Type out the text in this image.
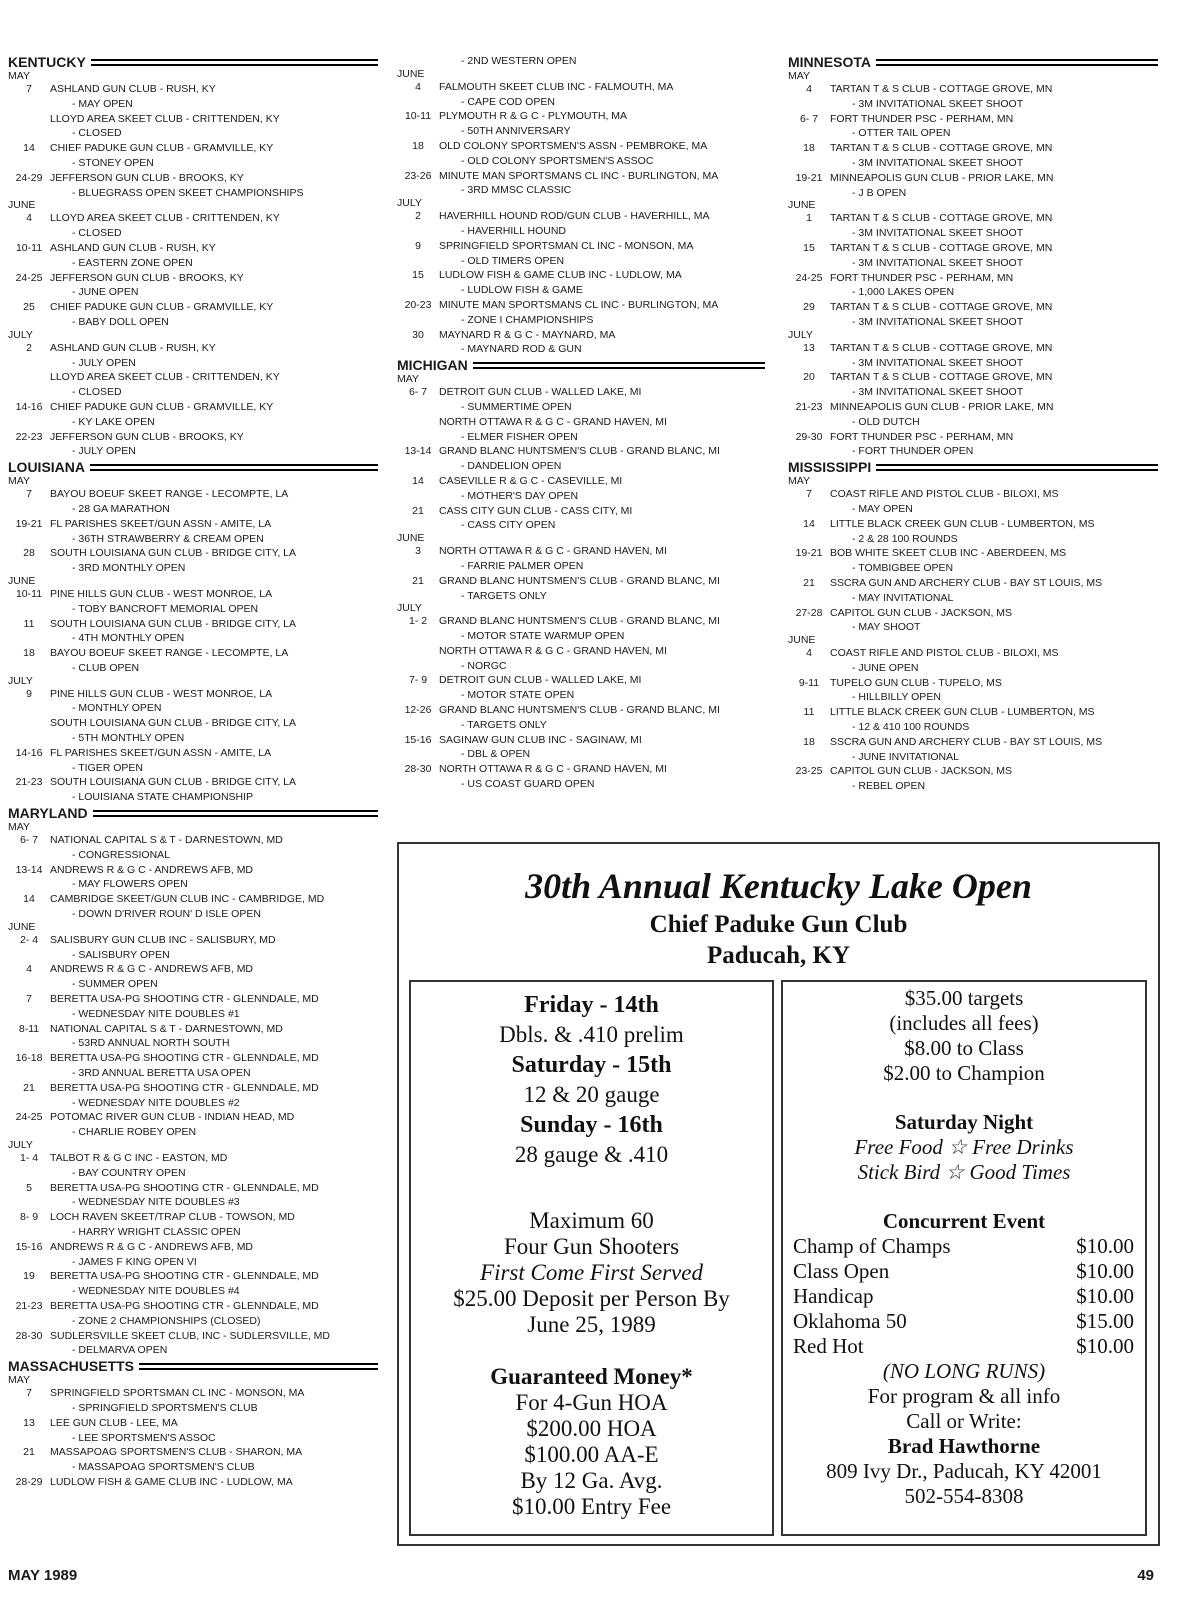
KENTUCKY
MAY
7	ASHLAND GUN CLUB - RUSH, KY
- MAY OPEN
LLOYD AREA SKEET CLUB - CRITTENDEN, KY
- CLOSED
14	CHIEF PADUKE GUN CLUB - GRAMVILLE, KY
- STONEY OPEN
24-29 JEFFERSON GUN CLUB - BROOKS, KY
- BLUEGRASS OPEN SKEET CHAMPIONSHIPS
JUNE
4	LLOYD AREA SKEET CLUB - CRITTENDEN, KY
- CLOSED
10-11 ASHLAND GUN CLUB - RUSH, KY
- EASTERN ZONE OPEN
24-25 JEFFERSON GUN CLUB - BROOKS, KY
- JUNE OPEN
25	CHIEF PADUKE GUN CLUB - GRAMVILLE, KY
- BABY DOLL OPEN
JULY
2	ASHLAND GUN CLUB - RUSH, KY
- JULY OPEN
LLOYD AREA SKEET CLUB - CRITTENDEN, KY
- CLOSED
14-16 CHIEF PADUKE GUN CLUB - GRAMVILLE, KY
- KY LAKE OPEN
22-23 JEFFERSON GUN CLUB - BROOKS, KY
- JULY OPEN
LOUISIANA
MAY
7	BAYOU BOEUF SKEET RANGE - LECOMPTE, LA
- 28 GA MARATHON
19-21 FL PARISHES SKEET/GUN ASSN - AMITE, LA
- 36TH STRAWBERRY & CREAM OPEN
28	SOUTH LOUISIANA GUN CLUB - BRIDGE CITY, LA
- 3RD MONTHLY OPEN
JUNE
10-11 PINE HILLS GUN CLUB - WEST MONROE, LA
- TOBY BANCROFT MEMORIAL OPEN
11	SOUTH LOUISIANA GUN CLUB - BRIDGE CITY, LA
- 4TH MONTHLY OPEN
18	BAYOU BOEUF SKEET RANGE - LECOMPTE, LA
- CLUB OPEN
JULY
9	PINE HILLS GUN CLUB - WEST MONROE, LA
- MONTHLY OPEN
SOUTH LOUISIANA GUN CLUB - BRIDGE CITY, LA
- 5TH MONTHLY OPEN
14-16 FL PARISHES SKEET/GUN ASSN - AMITE, LA
- TIGER OPEN
21-23 SOUTH LOUISIANA GUN CLUB - BRIDGE CITY, LA
- LOUISIANA STATE CHAMPIONSHIP
MARYLAND
MAY
6- 7	NATIONAL CAPITAL S & T - DARNESTOWN, MD
- CONGRESSIONAL
13-14 ANDREWS R & G C - ANDREWS AFB, MD
- MAY FLOWERS OPEN
14	CAMBRIDGE SKEET/GUN CLUB INC - CAMBRIDGE, MD
- DOWN D'RIVER ROUN' D ISLE OPEN
JUNE
2- 4	SALISBURY GUN CLUB INC - SALISBURY, MD
- SALISBURY OPEN
4	ANDREWS R & G C - ANDREWS AFB, MD
- SUMMER OPEN
7	BERETTA USA-PG SHOOTING CTR - GLENNDALE, MD
- WEDNESDAY NITE DOUBLES #1
8-11	NATIONAL CAPITAL S & T - DARNESTOWN, MD
- 53RD ANNUAL NORTH SOUTH
16-18 BERETTA USA-PG SHOOTING CTR - GLENNDALE, MD
- 3RD ANNUAL BERETTA USA OPEN
21	BERETTA USA-PG SHOOTING CTR - GLENNDALE, MD
- WEDNESDAY NITE DOUBLES #2
24-25 POTOMAC RIVER GUN CLUB - INDIAN HEAD, MD
- CHARLIE ROBEY OPEN
JULY
1- 4	TALBOT R & G C INC - EASTON, MD
- BAY COUNTRY OPEN
5	BERETTA USA-PG SHOOTING CTR - GLENNDALE, MD
- WEDNESDAY NITE DOUBLES #3
8- 9	LOCH RAVEN SKEET/TRAP CLUB - TOWSON, MD
- HARRY WRIGHT CLASSIC OPEN
15-16 ANDREWS R & G C - ANDREWS AFB, MD
- JAMES F KING OPEN VI
19	BERETTA USA-PG SHOOTING CTR - GLENNDALE, MD
- WEDNESDAY NITE DOUBLES #4
21-23 BERETTA USA-PG SHOOTING CTR - GLENNDALE, MD
- ZONE 2 CHAMPIONSHIPS (CLOSED)
28-30 SUDLERSVILLE SKEET CLUB, INC - SUDLERSVILLE, MD
- DELMARVA OPEN
MASSACHUSETTS
MAY
7	SPRINGFIELD SPORTSMAN CL INC - MONSON, MA
- SPRINGFIELD SPORTSMEN'S CLUB
13	LEE GUN CLUB - LEE, MA
- LEE SPORTSMEN'S ASSOC
21	MASSAPOAG SPORTSMEN'S CLUB - SHARON, MA
- MASSAPOAG SPORTSMEN'S CLUB
28-29 LUDLOW FISH & GAME CLUB INC - LUDLOW, MA
- 2ND WESTERN OPEN
JUNE
4	FALMOUTH SKEET CLUB INC - FALMOUTH, MA
- CAPE COD OPEN
10-11 PLYMOUTH R & G C - PLYMOUTH, MA
- 50TH ANNIVERSARY
18	OLD COLONY SPORTSMEN'S ASSN - PEMBROKE, MA
- OLD COLONY SPORTSMEN'S ASSOC
23-26 MINUTE MAN SPORTSMANS CL INC - BURLINGTON, MA
- 3RD MMSC CLASSIC
JULY
2	HAVERHILL HOUND ROD/GUN CLUB - HAVERHILL, MA
- HAVERHILL HOUND
9	SPRINGFIELD SPORTSMAN CL INC - MONSON, MA
- OLD TIMERS OPEN
15	LUDLOW FISH & GAME CLUB INC - LUDLOW, MA
- LUDLOW FISH & GAME
20-23 MINUTE MAN SPORTSMANS CL INC - BURLINGTON, MA
- ZONE I CHAMPIONSHIPS
30	MAYNARD R & G C - MAYNARD, MA
- MAYNARD ROD & GUN
MICHIGAN
MAY
6- 7	DETROIT GUN CLUB - WALLED LAKE, MI
- SUMMERTIME OPEN
NORTH OTTAWA R & G C - GRAND HAVEN, MI
- ELMER FISHER OPEN
13-14 GRAND BLANC HUNTSMEN'S CLUB - GRAND BLANC, MI
- DANDELION OPEN
14	CASEVILLE R & G C - CASEVILLE, MI
- MOTHER'S DAY OPEN
21	CASS CITY GUN CLUB - CASS CITY, MI
- CASS CITY OPEN
JUNE
3	NORTH OTTAWA R & G C - GRAND HAVEN, MI
- FARRIE PALMER OPEN
21	GRAND BLANC HUNTSMEN'S CLUB - GRAND BLANC, MI
- TARGETS ONLY
JULY
1- 2	GRAND BLANC HUNTSMEN'S CLUB - GRAND BLANC, MI
- MOTOR STATE WARMUP OPEN
NORTH OTTAWA R & G C - GRAND HAVEN, MI
- NORGC
7- 9	DETROIT GUN CLUB - WALLED LAKE, MI
- MOTOR STATE OPEN
12-26 GRAND BLANC HUNTSMEN'S CLUB - GRAND BLANC, MI
- TARGETS ONLY
15-16 SAGINAW GUN CLUB INC - SAGINAW, MI
- DBL & OPEN
28-30 NORTH OTTAWA R & G C - GRAND HAVEN, MI
- US COAST GUARD OPEN
MINNESOTA
MAY
4	TARTAN T & S CLUB - COTTAGE GROVE, MN
- 3M INVITATIONAL SKEET SHOOT
6- 7	FORT THUNDER PSC - PERHAM, MN
- OTTER TAIL OPEN
18	TARTAN T & S CLUB - COTTAGE GROVE, MN
- 3M INVITATIONAL SKEET SHOOT
19-21 MINNEAPOLIS GUN CLUB - PRIOR LAKE, MN
- J B OPEN
JUNE
1	TARTAN T & S CLUB - COTTAGE GROVE, MN
- 3M INVITATIONAL SKEET SHOOT
15	TARTAN T & S CLUB - COTTAGE GROVE, MN
- 3M INVITATIONAL SKEET SHOOT
24-25 FORT THUNDER PSC - PERHAM, MN
- 1,000 LAKES OPEN
29	TARTAN T & S CLUB - COTTAGE GROVE, MN
- 3M INVITATIONAL SKEET SHOOT
JULY
13	TARTAN T & S CLUB - COTTAGE GROVE, MN
- 3M INVITATIONAL SKEET SHOOT
20	TARTAN T & S CLUB - COTTAGE GROVE, MN
- 3M INVITATIONAL SKEET SHOOT
21-23 MINNEAPOLIS GUN CLUB - PRIOR LAKE, MN
- OLD DUTCH
29-30 FORT THUNDER PSC - PERHAM, MN
- FORT THUNDER OPEN
MISSISSIPPI
MAY
7	COAST RIFLE AND PISTOL CLUB - BILOXI, MS
- MAY OPEN
14	LITTLE BLACK CREEK GUN CLUB - LUMBERTON, MS
- 2 & 28 100 ROUNDS
19-21 BOB WHITE SKEET CLUB INC - ABERDEEN, MS
- TOMBIGBEE OPEN
21	SSCRA GUN AND ARCHERY CLUB - BAY ST LOUIS, MS
- MAY INVITATIONAL
27-28 CAPITOL GUN CLUB - JACKSON, MS
- MAY SHOOT
JUNE
4	COAST RIFLE AND PISTOL CLUB - BILOXI, MS
- JUNE OPEN
9-11	TUPELO GUN CLUB - TUPELO, MS
- HILLBILLY OPEN
11	LITTLE BLACK CREEK GUN CLUB - LUMBERTON, MS
- 12 & 410 100 ROUNDS
18	SSCRA GUN AND ARCHERY CLUB - BAY ST LOUIS, MS
- JUNE INVITATIONAL
23-25 CAPITOL GUN CLUB - JACKSON, MS
- REBEL OPEN
30th Annual Kentucky Lake Open
Chief Paduke Gun Club
Paducah, KY
Friday - 14th
Dbls. & .410 prelim
Saturday - 15th
12 & 20 gauge
Sunday - 16th
28 gauge & .410
Maximum 60
Four Gun Shooters
First Come First Served
$25.00 Deposit per Person By
June 25, 1989
Guaranteed Money*
For 4-Gun HOA
$200.00 HOA
$100.00 AA-E
By 12 Ga. Avg.
$10.00 Entry Fee
$35.00 targets
(includes all fees)
$8.00 to Class
$2.00 to Champion
Saturday Night
Free Food ☆ Free Drinks
Stick Bird ☆ Good Times
Concurrent Event
Champ of Champs	$10.00
Class Open	$10.00
Handicap	$10.00
Oklahoma 50	$15.00
Red Hot	$10.00
(NO LONG RUNS)
For program & all info
Call or Write:
Brad Hawthorne
809 Ivy Dr., Paducah, KY 42001
502-554-8308
MAY 1989	49
